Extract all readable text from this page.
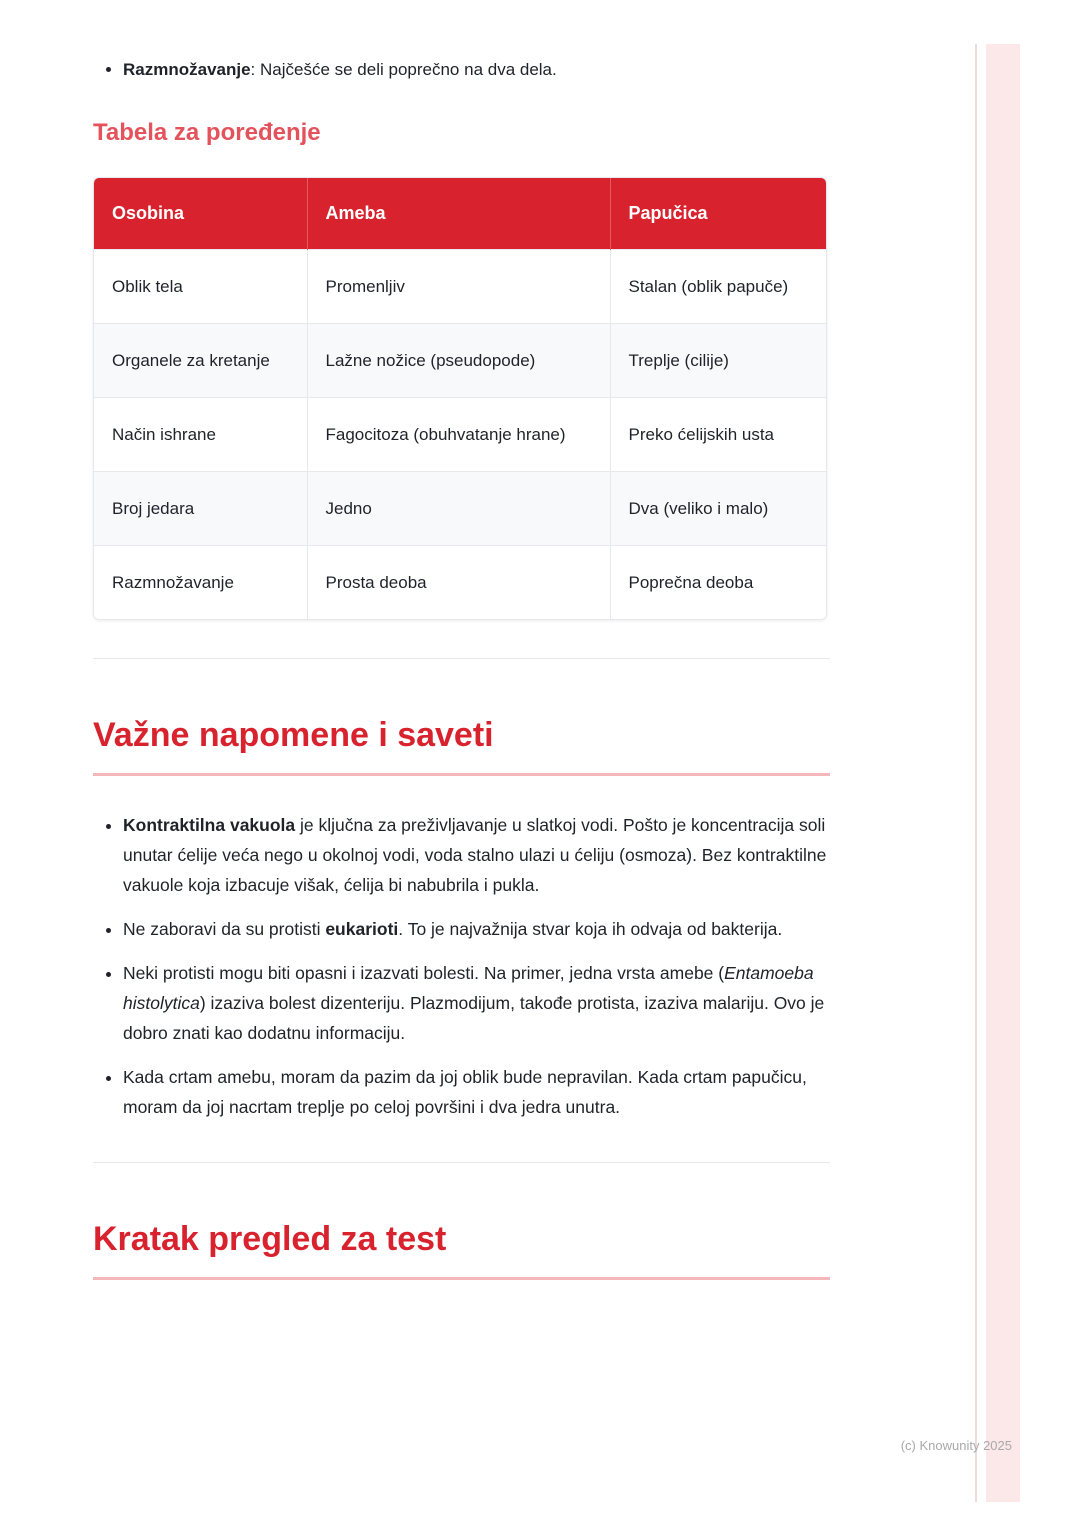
• Razmnožavanje: Najčešće se deli poprečno na dva dela.
Tabela za poređenje
Osobina	Ameba	Papučica
Oblik tela	Promenljiv	Stalan (oblik papuče)
Organele za kretanje	Lažne nožice (pseudopode)	Treplje (cilije)
Način ishrane	Fagocitoza (obuhvatanje hrane)	Preko ćelijskih usta
Broj jedara	Jedno	Dva (veliko i malo)
Razmnožavanje	Prosta deoba	Poprečna deoba
Važne napomene i saveti
• Kontraktilna vakuola je ključna za preživljavanje u slatkoj vodi. Pošto je koncentracija soli unutar ćelije veća nego u okolnoj vodi, voda stalno ulazi u ćeliju (osmoza). Bez kontraktilne vakuole koja izbacuje višak, ćelija bi nabubrila i pukla.
• Ne zaboravi da su protisti eukarioti. To je najvažnija stvar koja ih odvaja od bakterija.
• Neki protisti mogu biti opasni i izazvati bolesti. Na primer, jedna vrsta amebe (Entamoeba histolytica) izaziva bolest dizenteriju. Plazmodijum, takođe protista, izaziva malariju. Ovo je dobro znati kao dodatnu informaciju.
• Kada crtam amebu, moram da pazim da joj oblik bude nepravilan. Kada crtam papučicu, moram da joj nacrtam treplje po celoj površini i dva jedra unutra.
Kratak pregled za test
(c) Knowunity 2025
